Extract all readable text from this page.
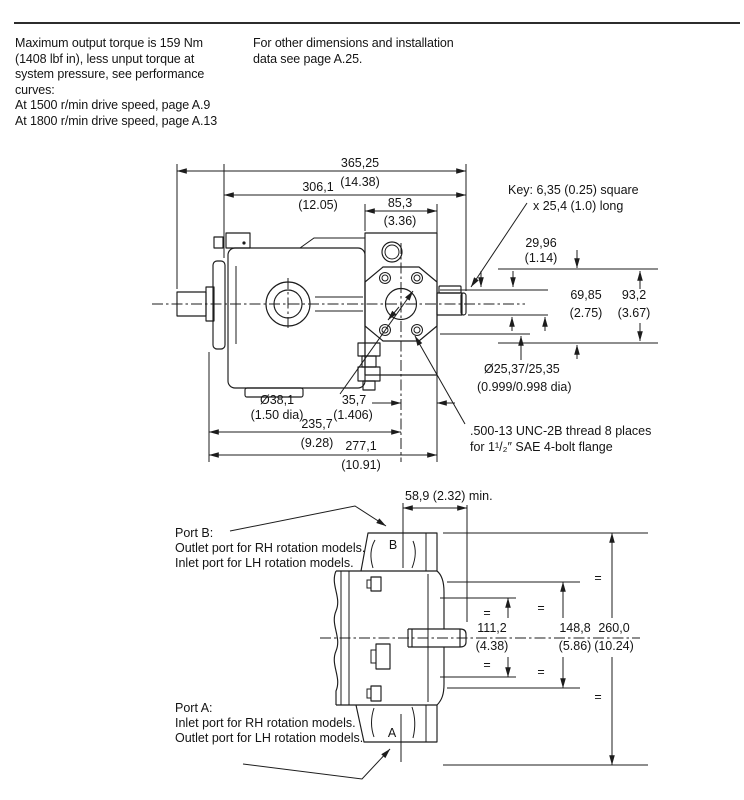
Maximum output torque is 159 Nm
(1408 lbf in), less unput torque at
system pressure, see performance
curves:
At 1500 r/min drive speed, page A.9
At 1800 r/min drive speed, page A.13
For other dimensions and installation
data see page A.25.
365,25
(14.38)
306,1
(12.05)	85,3
(3.36)
Key: 6,35 (0.25) square
x 25,4 (1.0) long
29,96
(1.14)
69,85
(2.75)
93,2
(3.67)
Ø25,37/25,35
(0.999/0.998 dia)
Ø38,1
(1.50 dia)
35,7
(1.406)
235,7
(9.28) 277,1
(10.91)
.500-13 UNC-2B thread 8 places
for 1¹/₂″ SAE 4-bolt flange
58,9 (2.32) min.
B
A
Port B:
Outlet port for RH rotation models.
Inlet port for LH rotation models.
Port A:
Inlet port for RH rotation models.
Outlet port for LH rotation models.
111,2
(4.38)
148,8
(5.86)
260,0
(10.24)
=
=
=
=
=
=
